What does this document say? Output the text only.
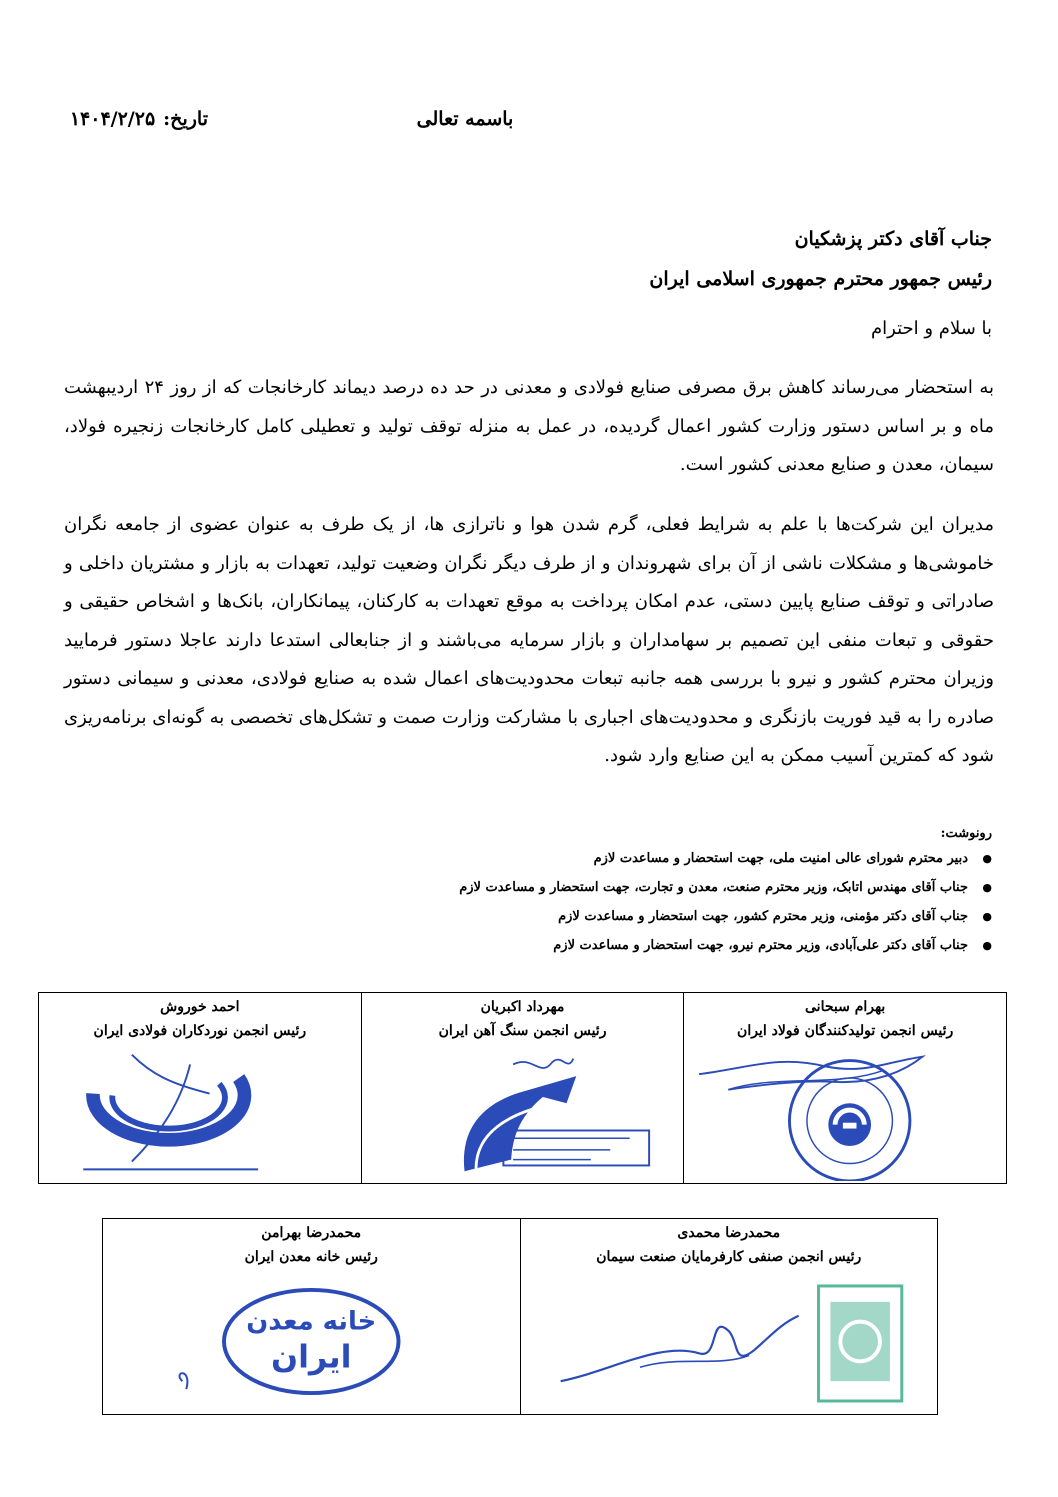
تاریخ:۱۴۰۴/۲/۲۵	باسمه تعالی
جناب آقای دکتر پزشکیان
رئیس جمهور محترم جمهوری اسلامی ایران
با سلام و احترام
به استحضار می‌رساند کاهش برق مصرفی صنایع فولادی و معدنی در حد ده درصد دیماند کارخانجات که از روز ۲۴ اردیبهشت ماه و بر اساس دستور وزارت کشور اعمال گردیده، در عمل به منزله توقف تولید و تعطیلی کامل کارخانجات زنجیره فولاد، سیمان، معدن و صنایع معدنی کشور است.
مدیران این شرکت‌ها با علم به شرایط فعلی، گرم شدن هوا و ناترازی ها، از یک طرف به عنوان عضوی از جامعه نگران خاموشی‌ها و مشکلات ناشی از آن برای شهروندان و از طرف دیگر نگران وضعیت تولید، تعهدات به بازار و مشتریان داخلی و صادراتی و توقف صنایع پایین دستی، عدم امکان پرداخت به موقع تعهدات به کارکنان، پیمانکاران، بانک‌ها و اشخاص حقیقی و حقوقی و تبعات منفی این تصمیم بر سهامداران و بازار سرمایه می‌باشند و از جنابعالی استدعا دارند عاجلا دستور فرمایید وزیران محترم کشور و نیرو با بررسی همه جانبه تبعات محدودیت‌های اعمال شده به صنایع فولادی، معدنی و سیمانی دستور صادره را به قید فوریت بازنگری و محدودیت‌های اجباری با مشارکت وزارت صمت و تشکل‌های تخصصی به گونه‌ای برنامه‌ریزی شود که کمترین آسیب ممکن به این صنایع وارد شود.
رونوشت:
●دبیر محترم شورای عالی امنیت ملی، جهت استحضار و مساعدت لازم
●جناب آقای مهندس اتابک، وزیر محترم صنعت، معدن و تجارت، جهت استحضار و مساعدت لازم
●جناب آقای دکتر مؤمنی، وزیر محترم کشور، جهت استحضار و مساعدت لازم
●جناب آقای دکتر علی‌آبادی، وزیر محترم نیرو، جهت استحضار و مساعدت لازم
بهرام سبحانی
رئیس انجمن تولیدکنندگان فولاد ایران

مهرداد اکبریان
رئیس انجمن سنگ آهن ایران

احمد خوروش
رئیس انجمن نوردکاران فولادی ایران
محمدرضا محمدی
رئیس انجمن صنفی کارفرمایان صنعت سیمان

محمدرضا بهرامن
رئیس خانه معدن ایران
خانه معدن
ایران
